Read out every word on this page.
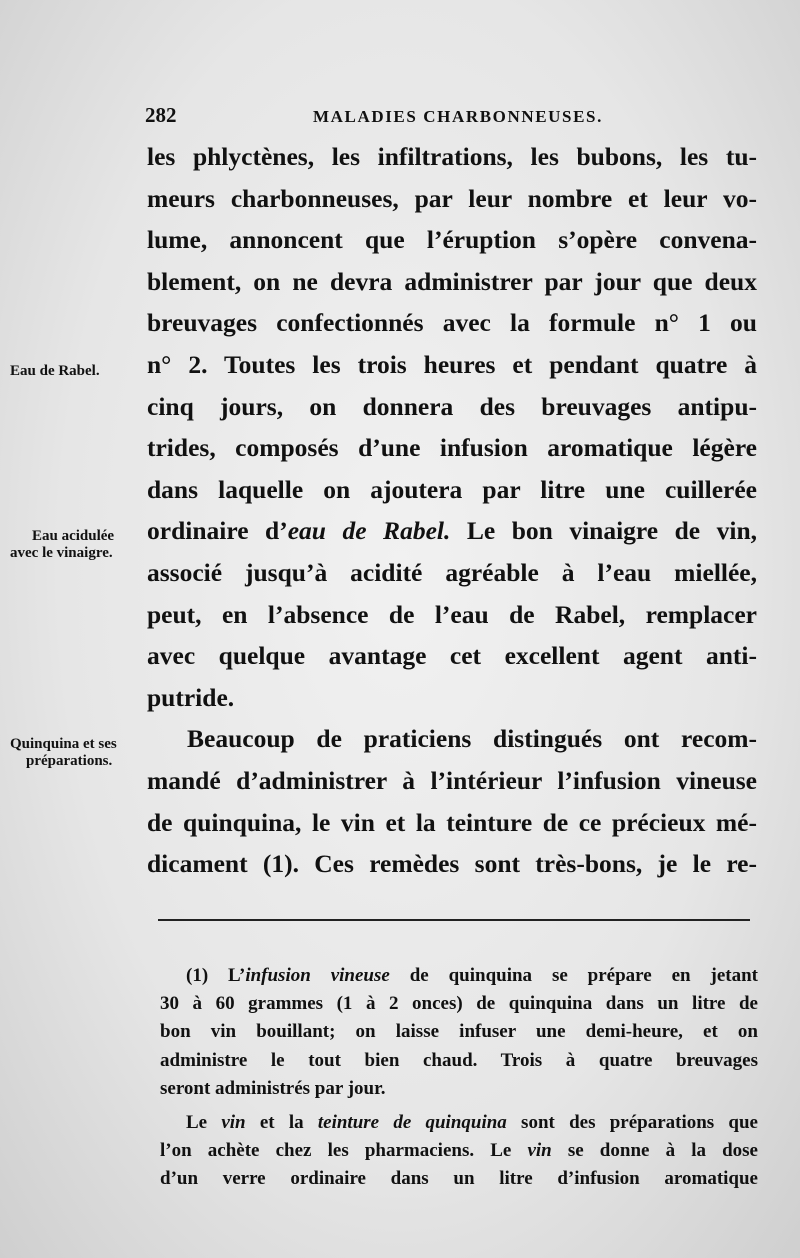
282	MALADIES CHARBONNEUSES.
Eau de Rabel.
Eau acidulée
avec le vinaigre.
Quinquina et ses
préparations.
les phlyctènes, les infiltrations, les bubons, les tu-
meurs charbonneuses, par leur nombre et leur vo-
lume, annoncent que l’éruption s’opère convena-
blement, on ne devra administrer par jour que deux
breuvages confectionnés avec la formule n° 1 ou
n° 2. Toutes les trois heures et pendant quatre à
cinq jours, on donnera des breuvages antipu-
trides, composés d’une infusion aromatique légère
dans laquelle on ajoutera par litre une cuillerée
ordinaire d’eau de Rabel. Le bon vinaigre de vin,
associé jusqu’à acidité agréable à l’eau miellée,
peut, en l’absence de l’eau de Rabel, remplacer
avec quelque avantage cet excellent agent anti-
putride.
Beaucoup de praticiens distingués ont recom-
mandé d’administrer à l’intérieur l’infusion vineuse
de quinquina, le vin et la teinture de ce précieux mé-
dicament (1). Ces remèdes sont très-bons, je le re-
(1) L’infusion vineuse de quinquina se prépare en jetant
30 à 60 grammes (1 à 2 onces) de quinquina dans un litre de
bon vin bouillant; on laisse infuser une demi-heure, et on
administre le tout bien chaud. Trois à quatre breuvages
seront administrés par jour.
Le vin et la teinture de quinquina sont des préparations que
l’on achète chez les pharmaciens. Le vin se donne à la dose
d’un verre ordinaire dans un litre d’infusion aromatique
